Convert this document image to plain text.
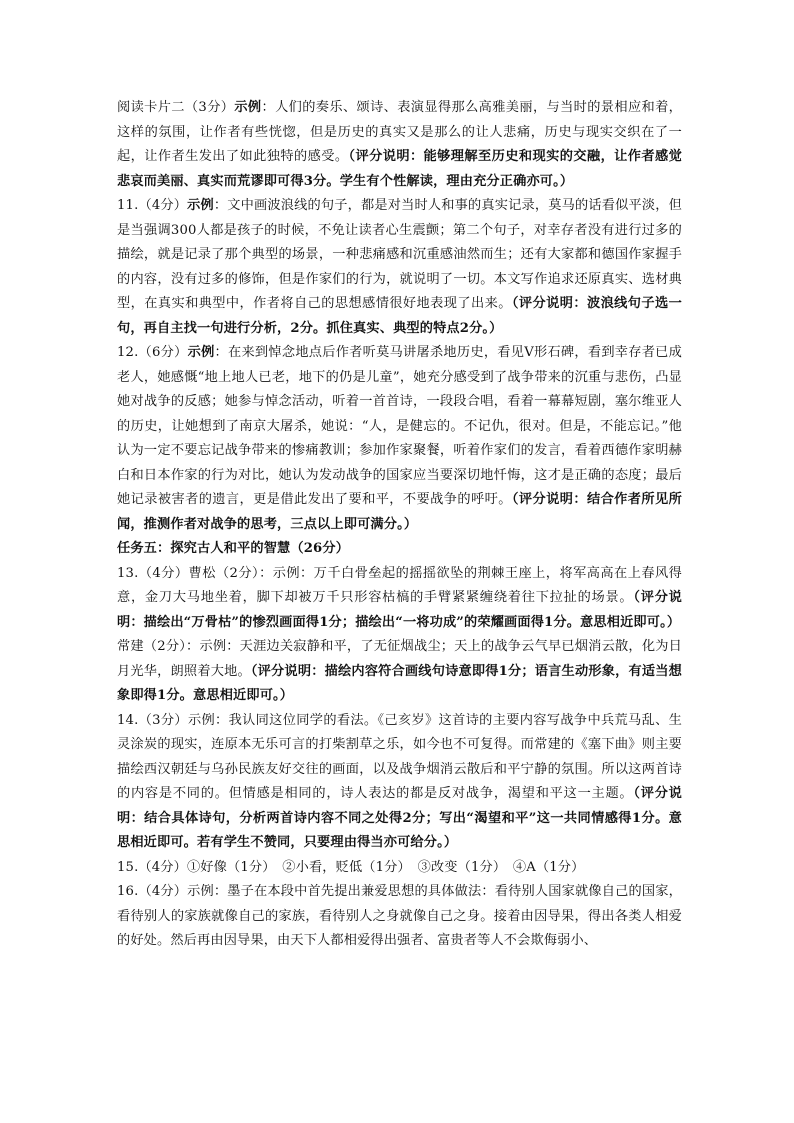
阅读卡片二（3分）示例：人们的奏乐、颂诗、表演显得那么高雅美丽，与当时的景相应和着，这样的氛围，让作者有些恍惚，但是历史的真实又是那么的让人悲痛，历史与现实交织在了一起，让作者生发出了如此独特的感受。（评分说明：能够理解至历史和现实的交融，让作者感觉悲哀而美丽、真实而荒谬即可得3分。学生有个性解读，理由充分正确亦可。）

11.（4分）示例：文中画波浪线的句子，都是对当时人和事的真实记录，莫马的话看似平淡，但是当强调300人都是孩子的时候，不免让读者心生震颤；第二个句子，对幸存者没有进行过多的描绘，就是记录了那个典型的场景，一种悲痛感和沉重感油然而生；还有大家都和德国作家握手的内容，没有过多的修饰，但是作家们的行为，就说明了一切。本文写作追求还原真实、选材典型，在真实和典型中，作者将自己的思想感情很好地表现了出来。（评分说明：波浪线句子选一句，再自主找一句进行分析，2分。抓住真实、典型的特点2分。）

12.（6分）示例：在来到悼念地点后作者听莫马讲屠杀地历史，看见V形石碑，看到幸存者已成老人，她感慨“地上地人已老，地下的仍是儿童”，她充分感受到了战争带来的沉重与悲伤，凸显她对战争的反感；她参与悼念活动，听着一首首诗，一段段合唱，看着一幕幕短剧，塞尔维亚人的历史，让她想到了南京大屠杀，她说：“人，是健忘的。不记仇，很对。但是，不能忘记。”他认为一定不要忘记战争带来的惨痛教训；参加作家聚餐，听着作家们的发言，看着西德作家明赫白和日本作家的行为对比，她认为发动战争的国家应当要深切地忏悔，这才是正确的态度；最后她记录被害者的遗言，更是借此发出了要和平，不要战争的呼吁。（评分说明：结合作者所见所闻，推测作者对战争的思考，三点以上即可满分。）

任务五：探究古人和平的智慧（26分）

13.（4分）曹松（2分）：示例：万千白骨垒起的摇摇欲坠的荆棘王座上，将军高高在上春风得意，金刀大马地坐着，脚下却被万千只形容枯槁的手臂紧紧缠绕着往下拉扯的场景。（评分说明：描绘出“万骨枯”的惨烈画面得1分；描绘出“一将功成”的荣耀画面得1分。意思相近即可。）

常建（2分）：示例：天涯边关寂静和平，了无征烟战尘；天上的战争云气早已烟消云散，化为日月光华，朗照着大地。（评分说明：描绘内容符合画线句诗意即得1分；语言生动形象，有适当想象即得1分。意思相近即可。）

14.（3分）示例：我认同这位同学的看法。《己亥岁》这首诗的主要内容写战争中兵荒马乱、生灵涂炭的现实，连原本无乐可言的打柴割草之乐，如今也不可复得。而常建的《塞下曲》则主要描绘西汉朝廷与乌孙民族友好交往的画面，以及战争烟消云散后和平宁静的氛围。所以这两首诗的内容是不同的。但情感是相同的，诗人表达的都是反对战争，渴望和平这一主题。（评分说明：结合具体诗句，分析两首诗内容不同之处得2分；写出“渴望和平”这一共同情感得1分。意思相近即可。若有学生不赞同，只要理由得当亦可给分。）

15.（4分）①好像（1分）　②小看，贬低（1分）　③改变（1分）　④A（1分）

16.（4分）示例：墨子在本段中首先提出兼爱思想的具体做法：看待别人国家就像自己的国家，看待别人的家族就像自己的家族，看待别人之身就像自己之身。接着由因导果，得出各类人相爱的好处。然后再由因导果，由天下人都相爱得出强者、富贵者等人不会欺侮弱小、
